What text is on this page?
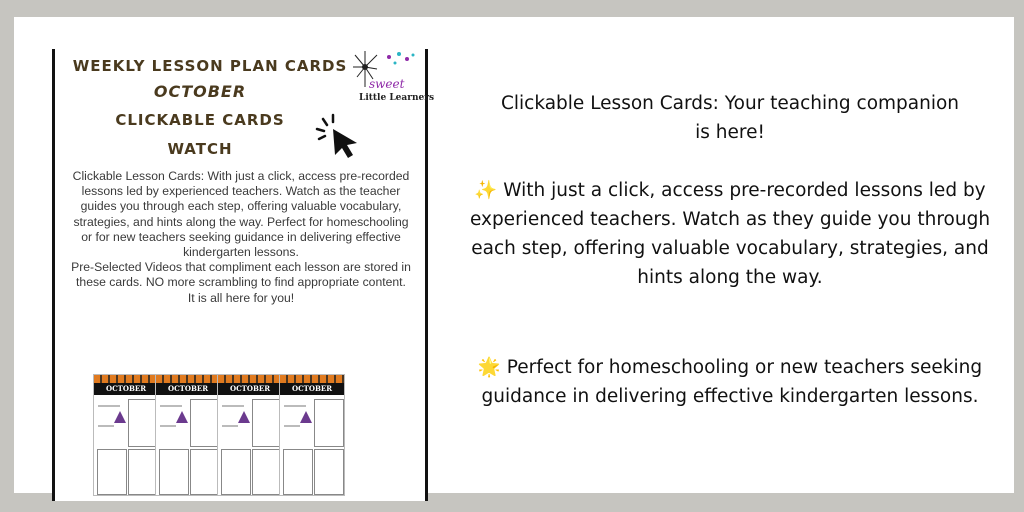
WEEKLY LESSON PLAN CARDS
OCTOBER
CLICKABLE CARDS
WATCH
sweet
Little Learners
Clickable Lesson Cards: With just a click, access pre-recorded lessons led by experienced teachers. Watch as the teacher guides you through each step, offering valuable vocabulary, strategies, and hints along the way. Perfect for homeschooling or for new teachers seeking guidance in delivering effective kindergarten lessons.
Pre-Selected Videos that compliment each lesson are stored in these cards. NO more scrambling to find appropriate content. It is all here for you!
OCTOBER	OCTOBER	OCTOBER	OCTOBER
Clickable Lesson Cards: Your teaching companion is here!
✨ With just a click, access pre-recorded lessons led by experienced teachers. Watch as they guide you through each step, offering valuable vocabulary, strategies, and hints along the way.
🌟 Perfect for homeschooling or new teachers seeking guidance in delivering effective kindergarten lessons.
